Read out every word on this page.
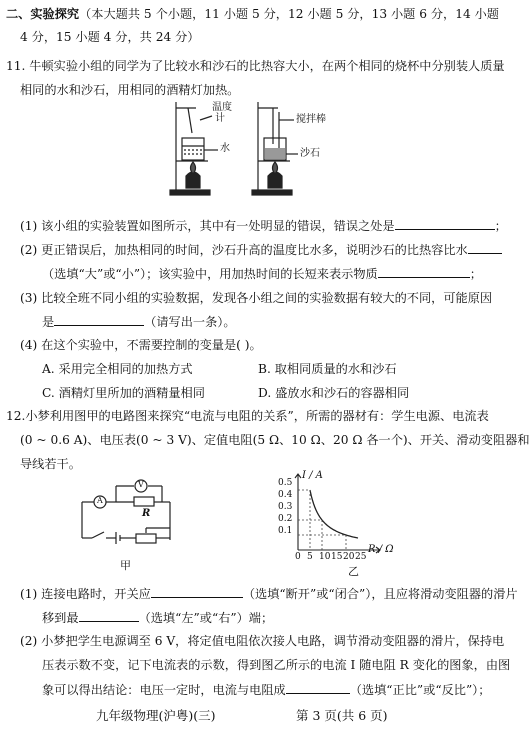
二、实验探究（本大题共 5 个小题，11 小题 5 分，12 小题 5 分，13 小题 6 分，14 小题
4 分，15 小题 4 分，共 24 分）
11. 牛顿实验小组的同学为了比较水和沙石的比热容大小，在两个相同的烧杯中分别装人质量
相同的水和沙石，用相同的酒精灯加热。
温度
计
水
搅拌棒
沙石
(1) 该小组的实验装置如图所示，其中有一处明显的错误，错误之处是	；
(2) 更正错误后，加热相同的时间，沙石升高的温度比水多，说明沙石的比热容比水
（选填“大”或“小”）；该实验中，用加热时间的长短来表示物质	；
(3) 比较全班不同小组的实验数据，发现各小组之间的实验数据有较大的不同，可能原因
是	（请写出一条）。
(4) 在这个实验中，不需要控制的变量是( )。
A. 采用完全相同的加热方式	B. 取相同质量的水和沙石
C. 酒精灯里所加的酒精量相同	D. 盛放水和沙石的容器相同
12.小梦利用图甲的电路图来探究“电流与电阻的关系”，所需的器材有：学生电源、电流表
(0 ~ 0.6 A)、电压表(0 ~ 3 V)、定值电阻(5 Ω、10 Ω、20 Ω 各一个)、开关、滑动变阻器和
导线若干。
A
V
R
甲
I / A
R / Ω
0.5
0.4
0.3
0.2
0.1
0 5 10 15 20 25
乙
(1) 连接电路时，开关应	（选填“断开”或“闭合”），且应将滑动变阻器的滑片
移到最	（选填“左”或“右”）端；
(2) 小梦把学生电源调至 6 V，将定值电阻依次接人电路，调节滑动变阻器的滑片，保持电
压表示数不变，记下电流表的示数，得到图乙所示的电流 I 随电阻 R 变化的图象，由图
象可以得出结论：电压一定时，电流与电阻成	（选填“正比”或“反比”）；
九年级物理(沪粤)(三)	第 3 页(共 6 页)
